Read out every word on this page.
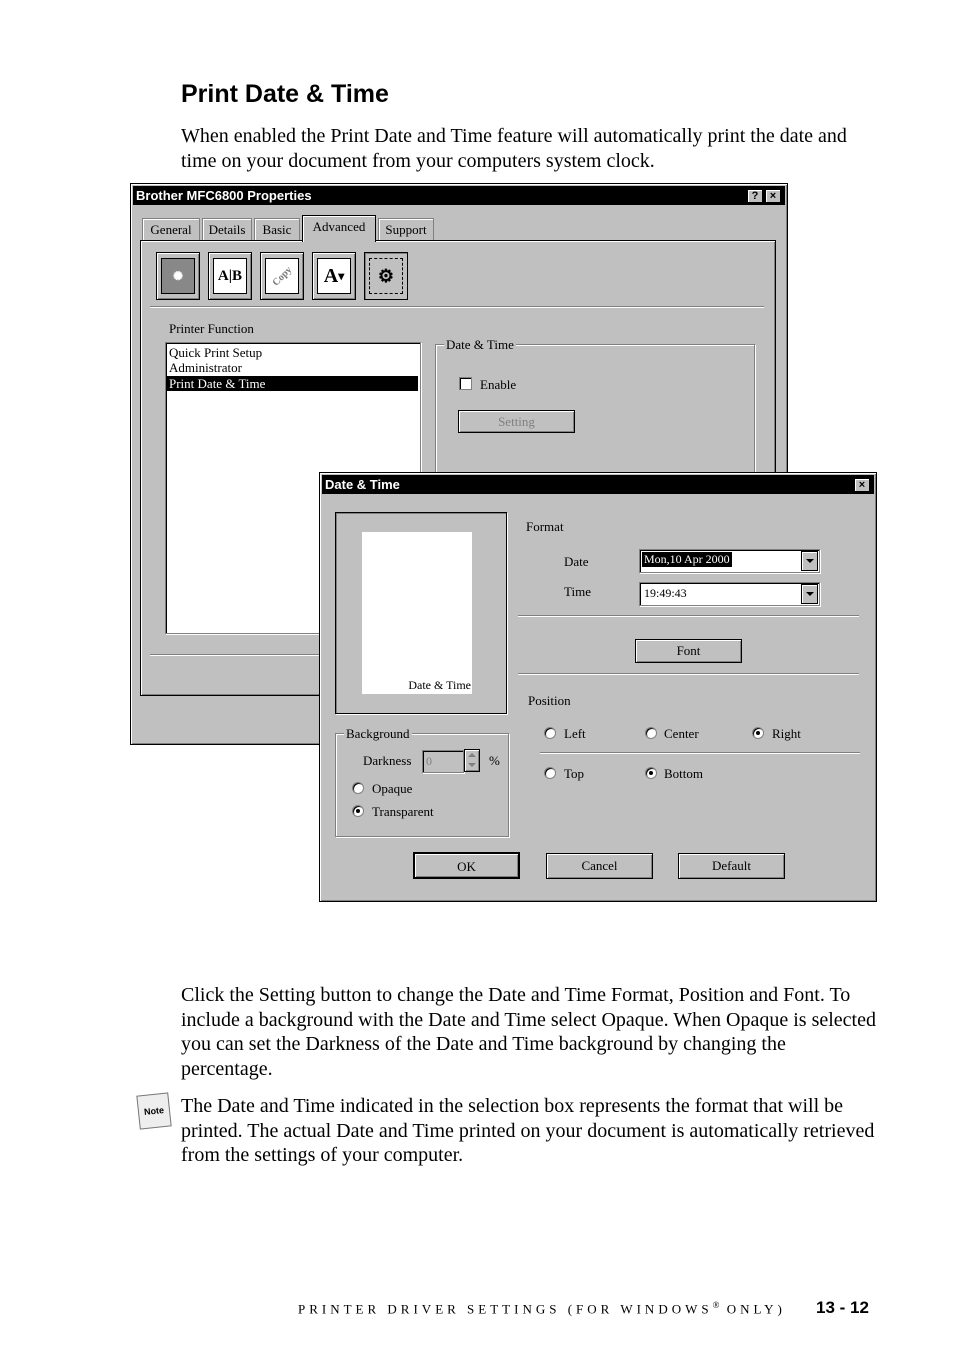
Print Date & Time
When enabled the Print Date and Time feature will automatically print the date and time on your document from your computers system clock.
Brother MFC6800 Properties	?	×
General	Details	Basic	Advanced	Support
✺ A|B	Copy A ▾ ⚙
Printer Function
Quick Print Setup
Administrator
Print Date & Time
Date & Time
Enable
Setting
Date & Time	×
Date & Time
Format
Date	Mon,10 Apr 2000
Time	19:49:43
Font
Position
Left	Center	Right
Top	Bottom
Background
Darkness 0	%
Opaque
Transparent
OK	Cancel	Default
Click the Setting button to change the Date and Time Format, Position and Font. To include a background with the Date and Time select Opaque. When Opaque is selected you can set the Darkness of the Date and Time background by changing the percentage.
Note The Date and Time indicated in the selection box represents the format that will be printed. The actual Date and Time printed on your document is automatically retrieved from the settings of your computer.
PRINTER DRIVER SETTINGS (FOR WINDOWS® ONLY) 13 - 12
